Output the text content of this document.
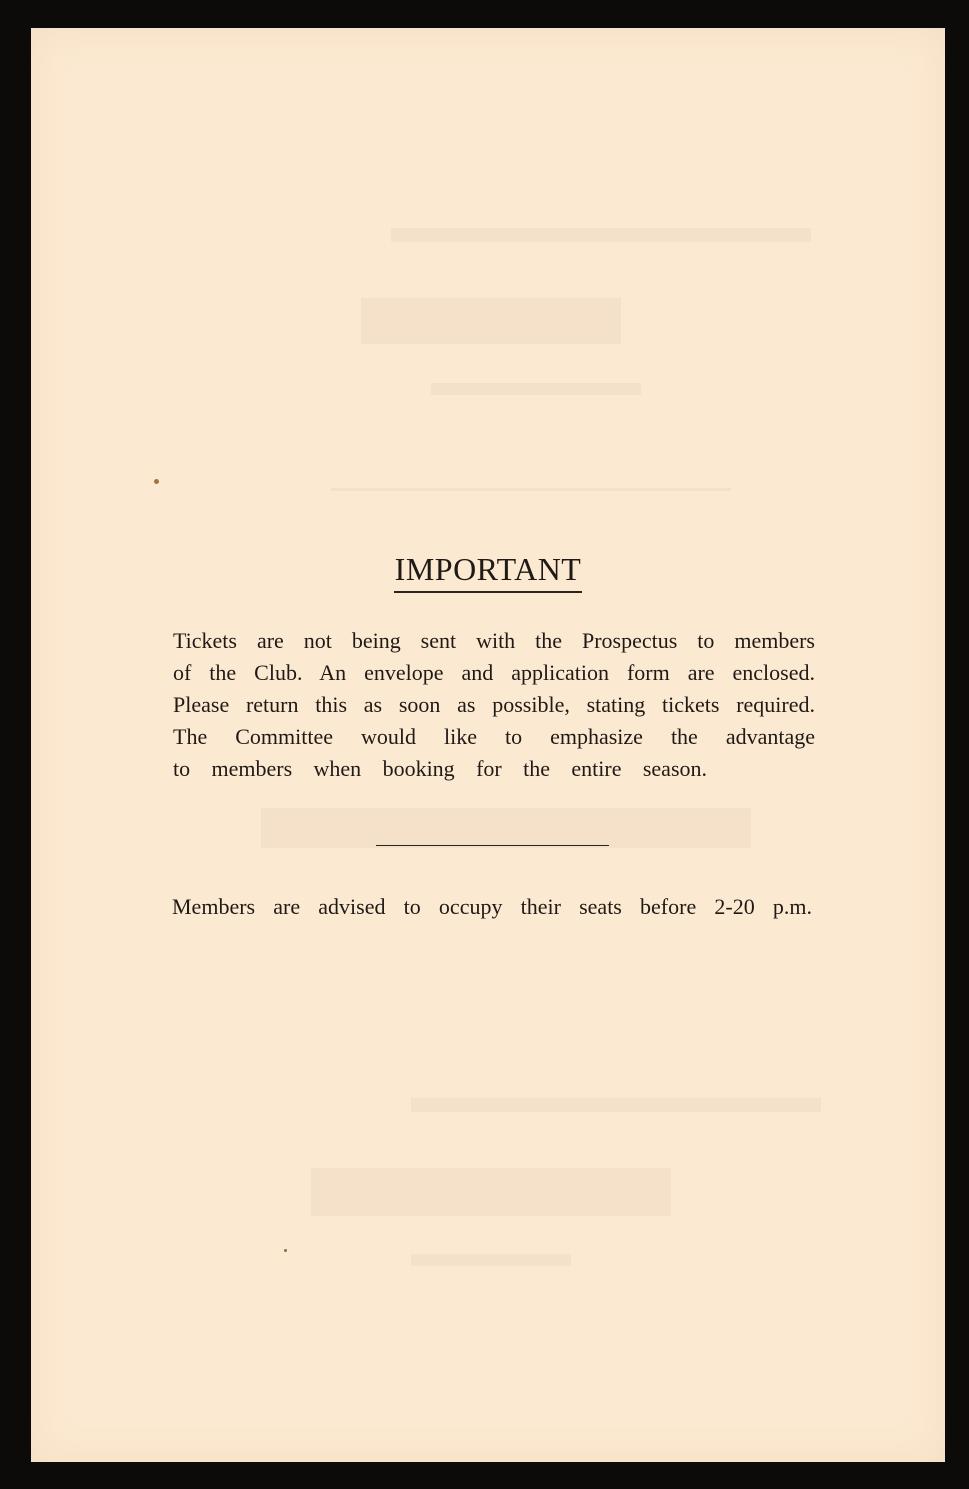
IMPORTANT
Tickets are not being sent with the Prospectus to members
of the Club. An envelope and application form are enclosed.
Please return this as soon as possible, stating tickets required.
The Committee would like to emphasize the advantage
to members when booking for the entire season.
Members are advised to occupy their seats before 2-20 p.m.
